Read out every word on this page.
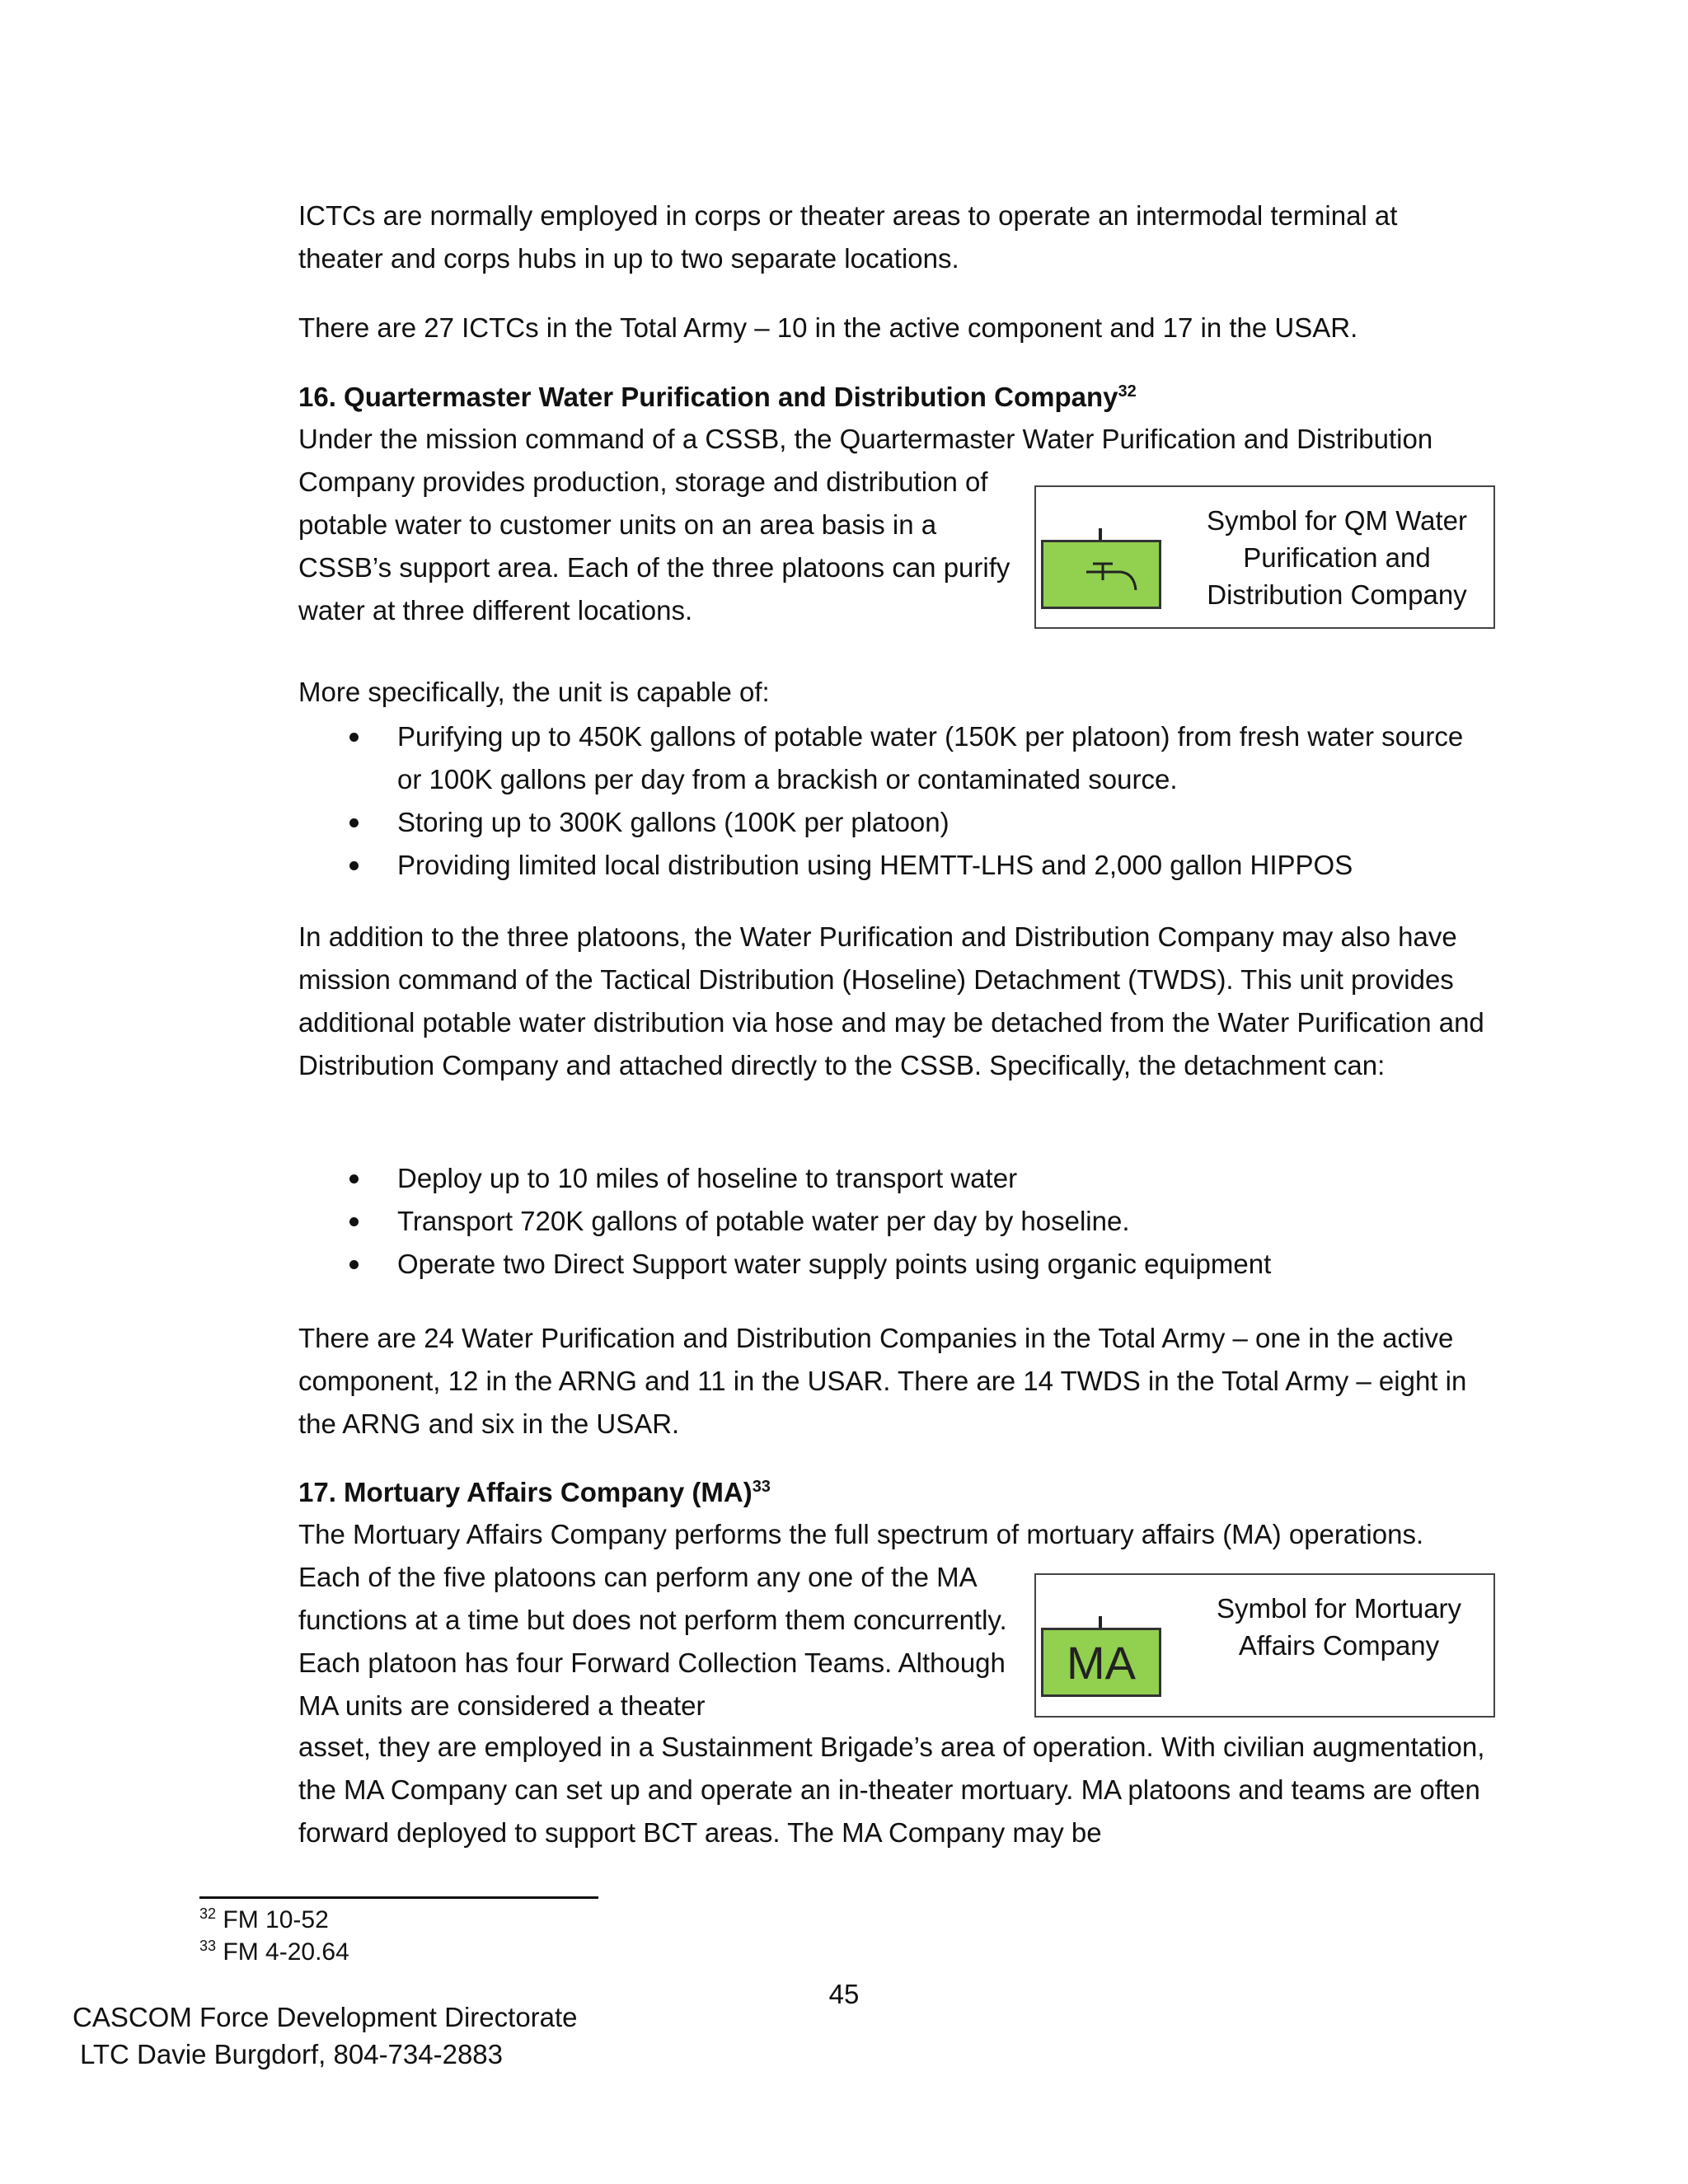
ICTCs are normally employed in corps or theater areas to operate an intermodal terminal at theater and corps hubs in up to two separate locations.

There are 27 ICTCs in the Total Army – 10 in the active component and 17 in the USAR.

16. Quartermaster Water Purification and Distribution Company$^{32}$

Under the mission command of a CSSB, the Quartermaster Water Purification and Distribution

Company provides production, storage and distribution of potable water to customer units on an area basis in a CSSB’s support area. Each of the three platoons can purify water at three different locations.

Symbol for QM Water Purification and Distribution Company

More specifically, the unit is capable of:

Purifying up to 450K gallons of potable water (150K per platoon) from fresh water source or 100K gallons per day from a brackish or contaminated source.
Storing up to 300K gallons (100K per platoon)
Providing limited local distribution using HEMTT-LHS and 2,000 gallon HIPPOS

In addition to the three platoons, the Water Purification and Distribution Company may also have mission command of the Tactical Distribution (Hoseline) Detachment (TWDS). This unit provides additional potable water distribution via hose and may be detached from the Water Purification and Distribution Company and attached directly to the CSSB. Specifically, the detachment can:

Deploy up to 10 miles of hoseline to transport water
Transport 720K gallons of potable water per day by hoseline.
Operate two Direct Support water supply points using organic equipment

There are 24 Water Purification and Distribution Companies in the Total Army – one in the active component, 12 in the ARNG and 11 in the USAR. There are 14 TWDS in the Total Army – eight in the ARNG and six in the USAR.

17. Mortuary Affairs Company (MA)$^{33}$

The Mortuary Affairs Company performs the full spectrum of mortuary affairs (MA) operations.

Each of the five platoons can perform any one of the MA functions at a time but does not perform them concurrently. Each platoon has four Forward Collection Teams. Although MA units are considered a theater

MA
Symbol for Mortuary Affairs Company

asset, they are employed in a Sustainment Brigade’s area of operation. With civilian augmentation, the MA Company can set up and operate an in-theater mortuary. MA platoons and teams are often forward deployed to support BCT areas. The MA Company may be

$^{32}$ FM 10-52
$^{33}$ FM 4-20.64
45
CASCOM Force Development Directorate
LTC Davie Burgdorf, 804-734-2883
